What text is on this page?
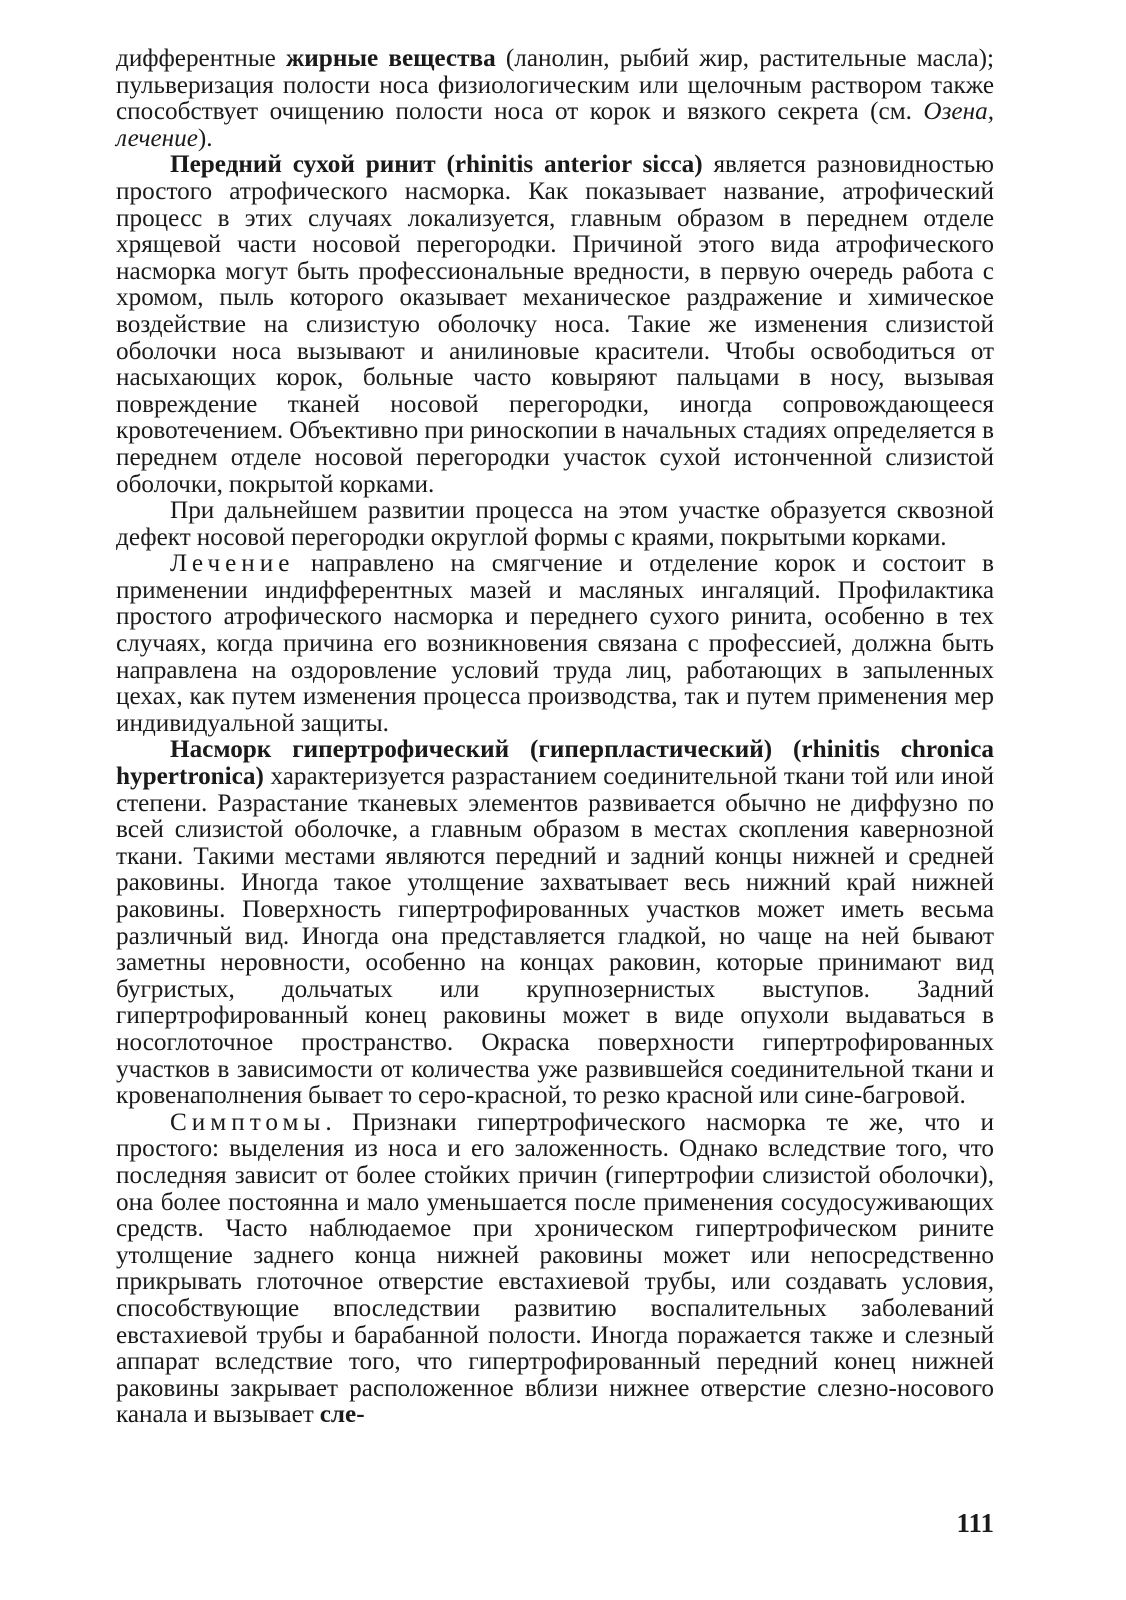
дифферентные жирные вещества (ланолин, рыбий жир, растительные масла); пульверизация полости носа физиологическим или щелочным раствором также способствует очищению полости носа от корок и вязкого секрета (см. Озена, лечение).

Передний сухой ринит (rhinitis anterior sicca) является разновидностью простого атрофического насморка. Как показывает название, атрофический процесс в этих случаях локализуется, главным образом в переднем отделе хрящевой части носовой перегородки. Причиной этого вида атрофического насморка могут быть профессиональные вредности, в первую очередь работа с хромом, пыль которого оказывает механическое раздражение и химическое воздействие на слизистую оболочку носа. Такие же изменения слизистой оболочки носа вызывают и анилиновые красители. Чтобы освободиться от насыхающих корок, больные часто ковыряют пальцами в носу, вызывая повреждение тканей носовой перегородки, иногда сопровождающееся кровотечением. Объективно при риноскопии в начальных стадиях определяется в переднем отделе носовой перегородки участок сухой истонченной слизистой оболочки, покрытой корками.

При дальнейшем развитии процесса на этом участке образуется сквозной дефект носовой перегородки округлой формы с краями, покрытыми корками.

Лечение направлено на смягчение и отделение корок и состоит в применении индифферентных мазей и масляных ингаляций. Профилактика простого атрофического насморка и переднего сухого ринита, особенно в тех случаях, когда причина его возникновения связана с профессией, должна быть направлена на оздоровление условий труда лиц, работающих в запыленных цехах, как путем изменения процесса производства, так и путем применения мер индивидуальной защиты.

Насморк гипертрофический (гиперпластический) (rhinitis chronica hypertronica) характеризуется разрастанием соединительной ткани той или иной степени. Разрастание тканевых элементов развивается обычно не диффузно по всей слизистой оболочке, а главным образом в местах скопления кавернозной ткани. Такими местами являются передний и задний концы нижней и средней раковины. Иногда такое утолщение захватывает весь нижний край нижней раковины. Поверхность гипертрофированных участков может иметь весьма различный вид. Иногда она представляется гладкой, но чаще на ней бывают заметны неровности, особенно на концах раковин, которые принимают вид бугристых, дольчатых или крупнозернистых выступов. Задний гипертрофированный конец раковины может в виде опухоли выдаваться в носоглоточное пространство. Окраска поверхности гипертрофированных участков в зависимости от количества уже развившейся соединительной ткани и кровенаполнения бывает то серо-красной, то резко красной или сине-багровой.

Симптомы. Признаки гипертрофического насморка те же, что и простого: выделения из носа и его заложенность. Однако вследствие того, что последняя зависит от более стойких причин (гипертрофии слизистой оболочки), она более постоянна и мало уменьшается после применения сосудосуживающих средств. Часто наблюдаемое при хроническом гипертрофическом рините утолщение заднего конца нижней раковины может или непосредственно прикрывать глоточное отверстие евстахиевой трубы, или создавать условия, способствующие впоследствии развитию воспалительных заболеваний евстахиевой трубы и барабанной полости. Иногда поражается также и слезный аппарат вследствие того, что гипертрофированный передний конец нижней раковины закрывает расположенное вблизи нижнее отверстие слезно-носового канала и вызывает сле-

111
